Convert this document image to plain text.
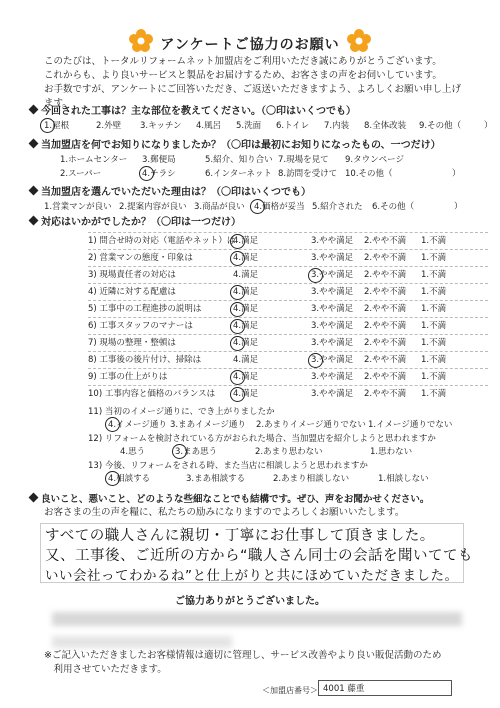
アンケートご協力のお願い
このたびは、トータルリフォームネット加盟店をご利用いただき誠にありがとうございます。
これからも、より良いサービスと製品をお届けするため、お客さまの声をお伺いしています。
お手数ですが、アンケートにご回答いただき、ご返送いただきますよう、よろしくお願い申し上げます。
今回された工事は？主な部位を教えてください。（〇印はいくつでも）
1.屋根	2.外壁 3.キッチン 4.風呂 5.洗面 6.トイレ 7.内装 8.全体改装 9.その他（	）
当加盟店を何でお知りになりましたか？（〇印は最初にお知りになったもの、一つだけ）
1.ホームセンター 3.郵便局	5.紹介、知り合い 7.現場を見て 9.タウンページ
2.スーパー	4.チラシ	6.インターネット 8.訪問を受けて 10.その他（	）
当加盟店を選んでいただいた理由は？（〇印はいくつでも）
1.営業マンが良い 2.提案内容が良い 3.商品が良い 4.価格が妥当 5.紹介された 6.その他（	）
対応はいかがでしたか？（〇印は一つだけ）
1) 問合せ時の対応（電話やネット）は
4.満足	3.やや満足 2.やや不満 1.不満
2) 営業マンの態度・印象は	4.満足	3.やや満足 2.やや不満 1.不満
3) 現場責任者の対応は	4.満足	3.やや満足 2.やや不満 1.不満
4) 近隣に対する配慮は	4.満足	3.やや満足 2.やや不満 1.不満
5) 工事中の工程進捗の説明は	4.満足	3.やや満足 2.やや不満 1.不満
6) 工事スタッフのマナーは	4.満足	3.やや満足 2.やや不満 1.不満
7) 現場の整理・整頓は	4.満足	3.やや満足 2.やや不満 1.不満
8) 工事後の後片付け、掃除は	4.満足	3.やや満足 2.やや不満 1.不満
9) 工事の仕上がりは	4.満足	3.やや満足 2.やや不満 1.不満
10) 工事内容と価格のバランスは 4.満足	3.やや満足 2.やや不満 1.不満
11) 当初のイメージ通りに、でき上がりましたか
4.イメージ通り 3.まあイメージ通り 2.あまりイメージ通りでない 1.イメージ通りでない
12) リフォームを検討されている方がおられた場合、当加盟店を紹介しようと思われますか
4.思う	3.まあ思う	2.あまり思わない	1.思わない
13) 今後、リフォームをされる時、また当店に相談しようと思われますか
4.相談する	3.まあ相談する	2.あまり相談しない	1.相談しない
良いこと、悪いこと、どのような些細なことでも結構です。ぜひ、声をお聞かせください。
お客さまの生の声を糧に、私たちの励みになりますのでよろしくお願いいたします。
すべての職人さんに親切・丁寧にお仕事して頂きました。
又、工事後、ご近所の方から“職人さん同士の会話を聞いてても
いい会社ってわかるね”と仕上がりと共にほめていただきました。
ご協力ありがとうございました。
※ご記入いただきましたお客様情報は適切に管理し、サービス改善やより良い販促活動のため
　利用させていただきます。
＜加盟店番号＞ 4001 藤重
